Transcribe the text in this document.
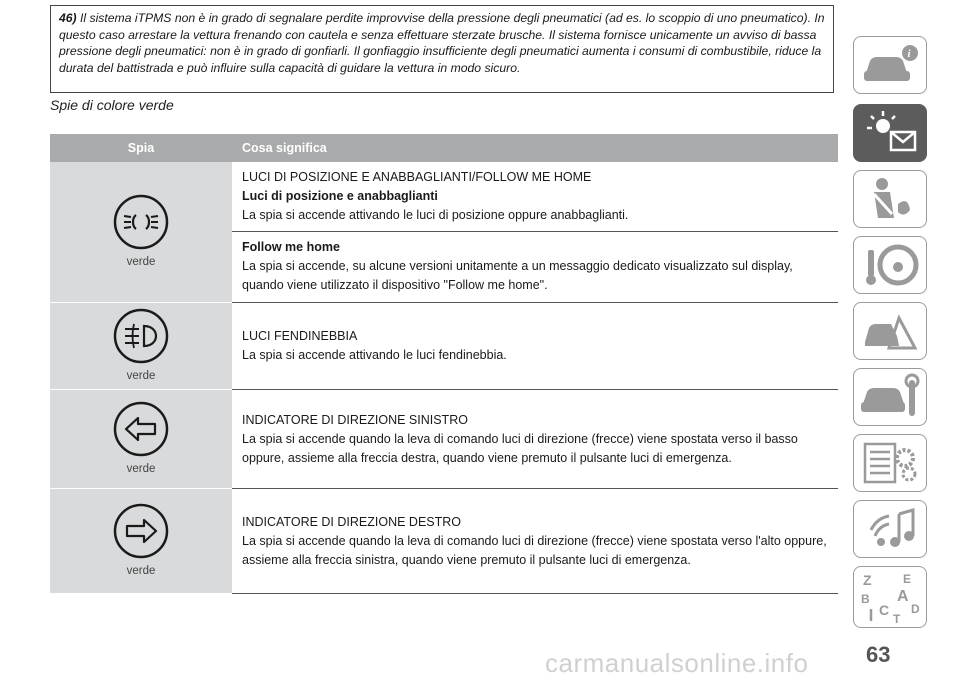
46) Il sistema iTPMS non è in grado di segnalare perdite improvvise della pressione degli pneumatici (ad es. lo scoppio di uno pneumatico). In questo caso arrestare la vettura frenando con cautela e senza effettuare sterzate brusche. Il sistema fornisce unicamente un avviso di bassa pressione degli pneumatici: non è in grado di gonfiarli. Il gonfiaggio insufficiente degli pneumatici aumenta i consumi di combustibile, riduce la durata del battistrada e può influire sulla capacità di guidare la vettura in modo sicuro.
Spie di colore verde
Spia	Cosa significa

verde	LUCI DI POSIZIONE E ANABBAGLIANTI/FOLLOW ME HOME
Luci di posizione e anabbaglianti
La spia si accende attivando le luci di posizione oppure anabbaglianti.

	Follow me home
La spia si accende, su alcune versioni unitamente a un messaggio dedicato visualizzato sul display, quando viene utilizzato il dispositivo "Follow me home".

verde	LUCI FENDINEBBIA
La spia si accende attivando le luci fendinebbia.

verde	INDICATORE DI DIREZIONE SINISTRO
La spia si accende quando la leva di comando luci di direzione (frecce) viene spostata verso il basso oppure, assieme alla freccia destra, quando viene premuto il pulsante luci di emergenza.

verde	INDICATORE DI DIREZIONE DESTRO
La spia si accende quando la leva di comando luci di direzione (frecce) viene spostata verso l'alto oppure, assieme alla freccia sinistra, quando viene premuto il pulsante luci di emergenza.
i
Z	E
B A
C D
T
carmanualsonline.info	63
